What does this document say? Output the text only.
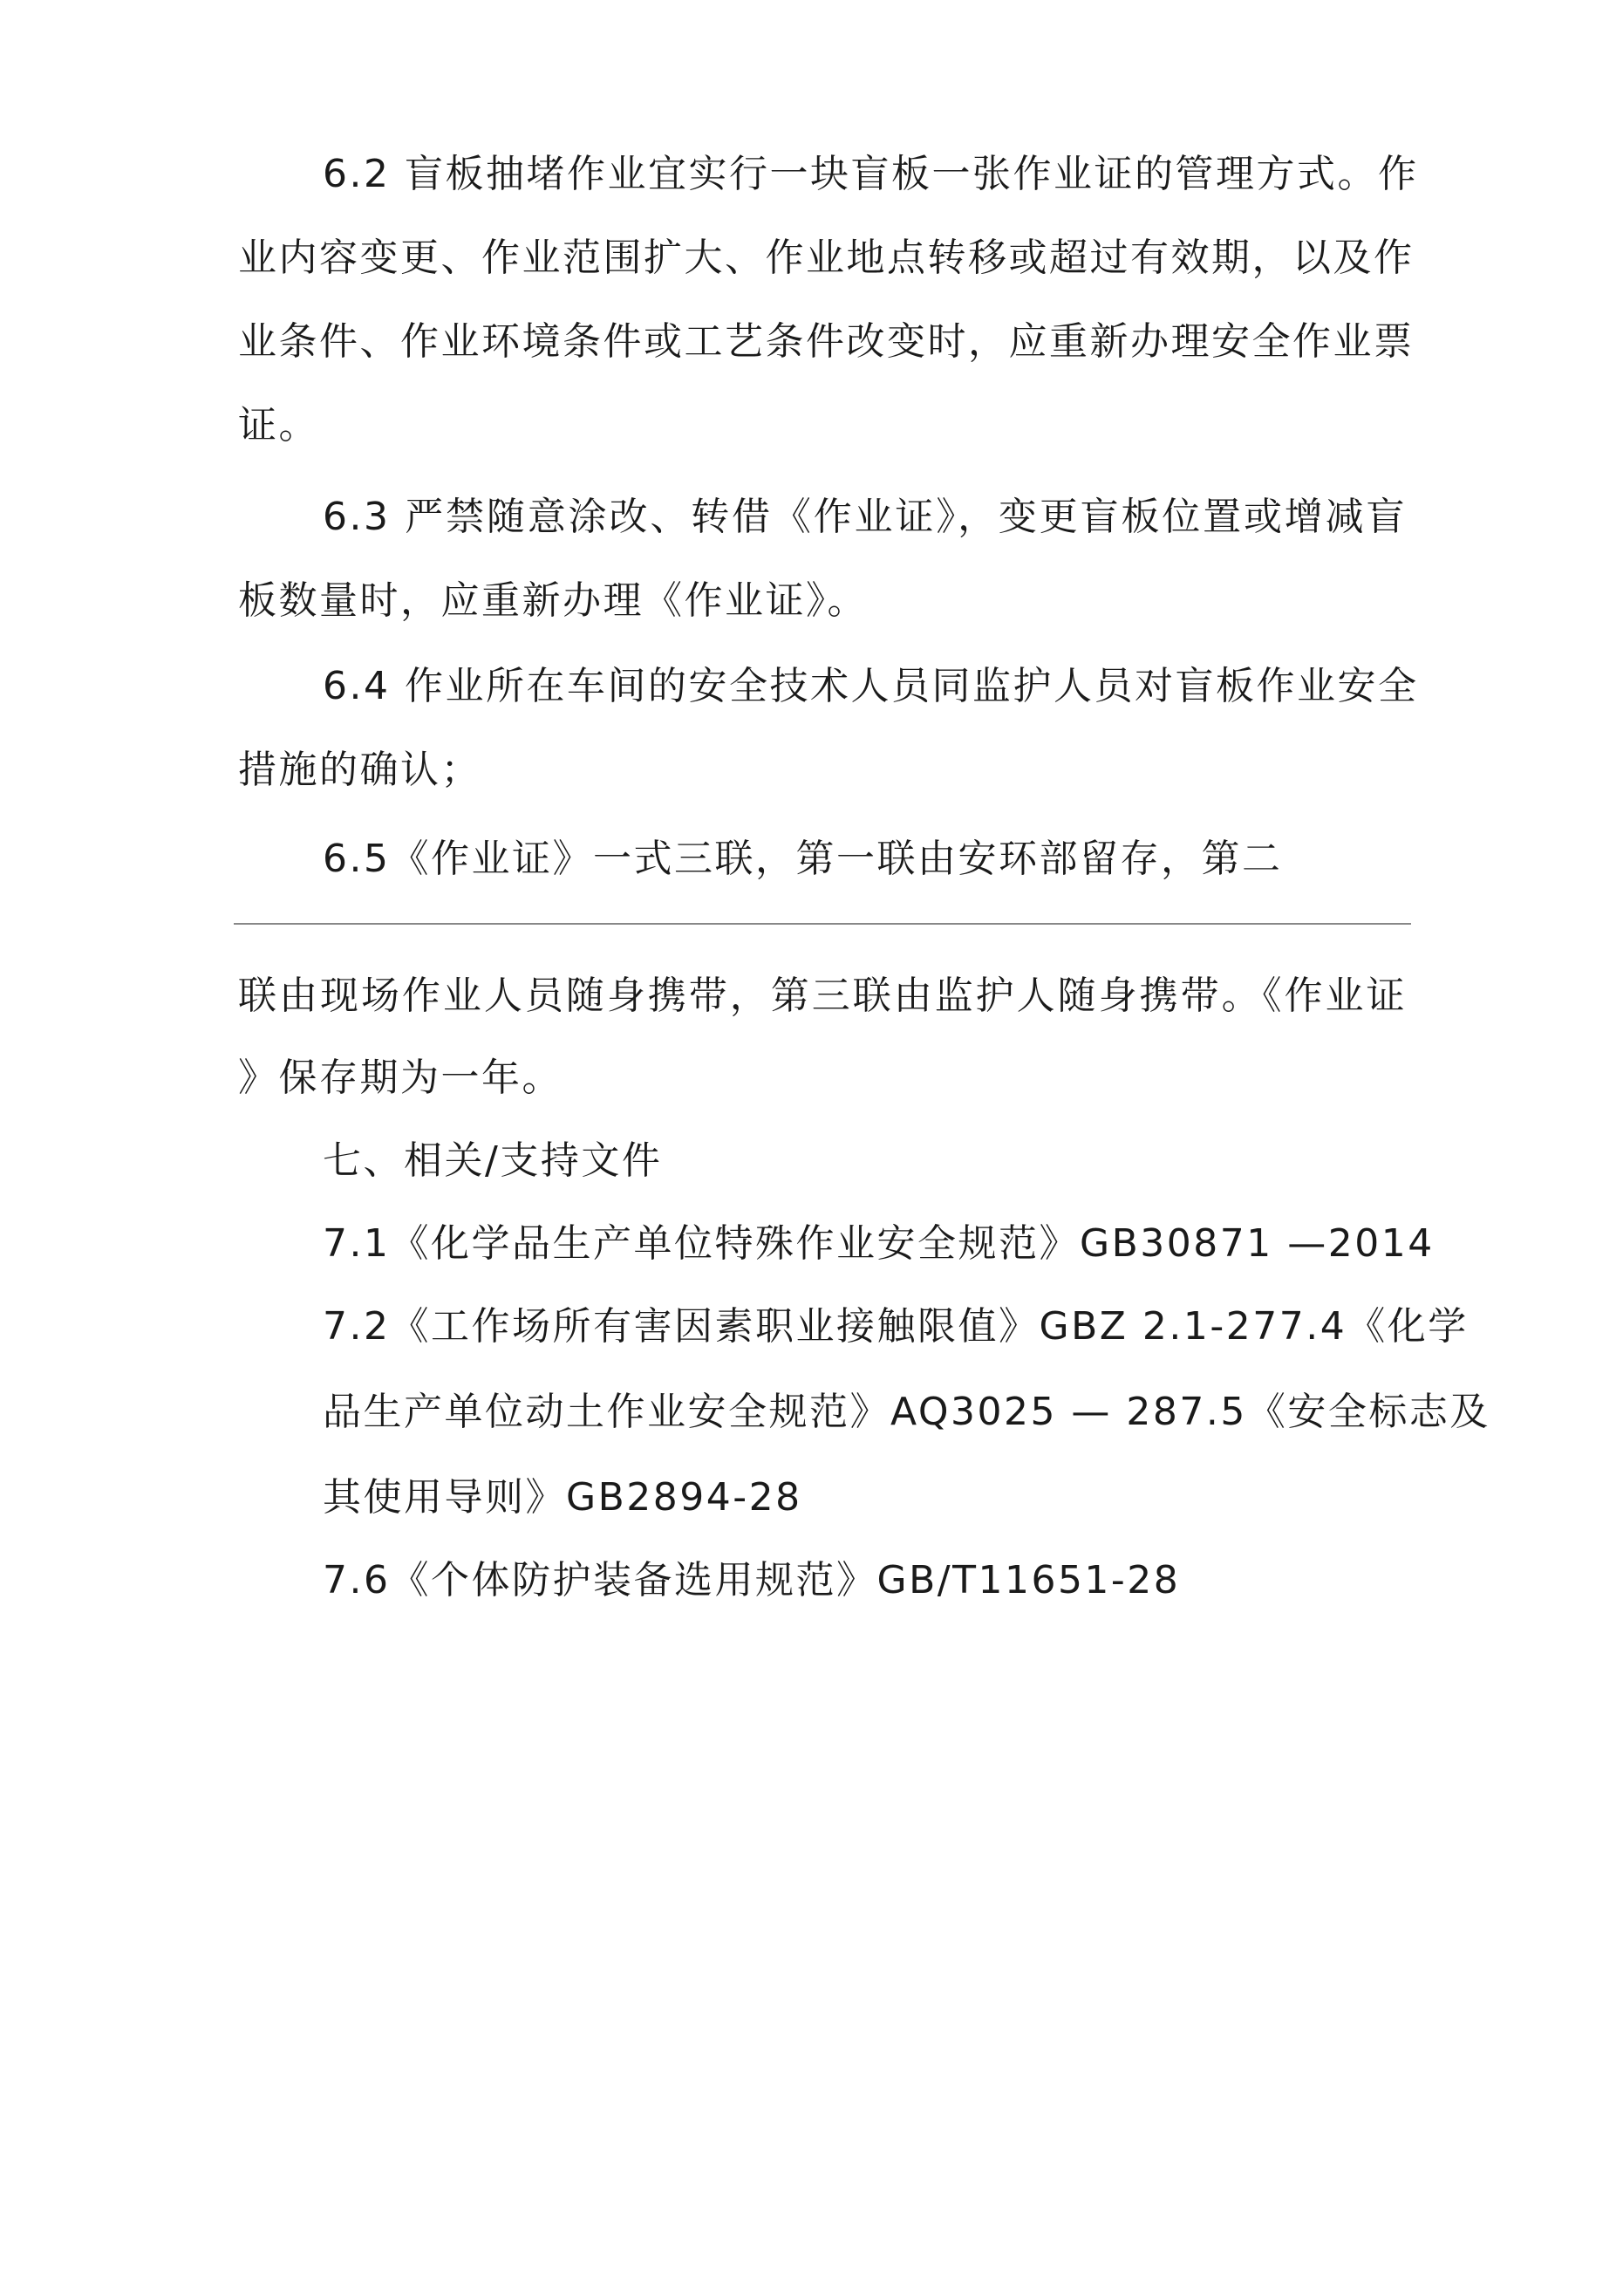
6.2 盲板抽堵作业宜实行一块盲板一张作业证的管理方式。作
业内容变更、作业范围扩大、作业地点转移或超过有效期，以及作
业条件、作业环境条件或工艺条件改变时，应重新办理安全作业票
证。
6.3 严禁随意涂改、转借《作业证》，变更盲板位置或增减盲
板数量时，应重新办理《作业证》。
6.4 作业所在车间的安全技术人员同监护人员对盲板作业安全
措施的确认；
6.5《作业证》一式三联，第一联由安环部留存，第二
联由现场作业人员随身携带，第三联由监护人随身携带。《作业证
》保存期为一年。
七、相关/支持文件
7.1《化学品生产单位特殊作业安全规范》GB30871 —2014
7.2《工作场所有害因素职业接触限值》GBZ 2.1-277.4《化学
品生产单位动土作业安全规范》AQ3025 — 287.5《安全标志及
其使用导则》GB2894-28
7.6《个体防护装备选用规范》GB/T11651-28
